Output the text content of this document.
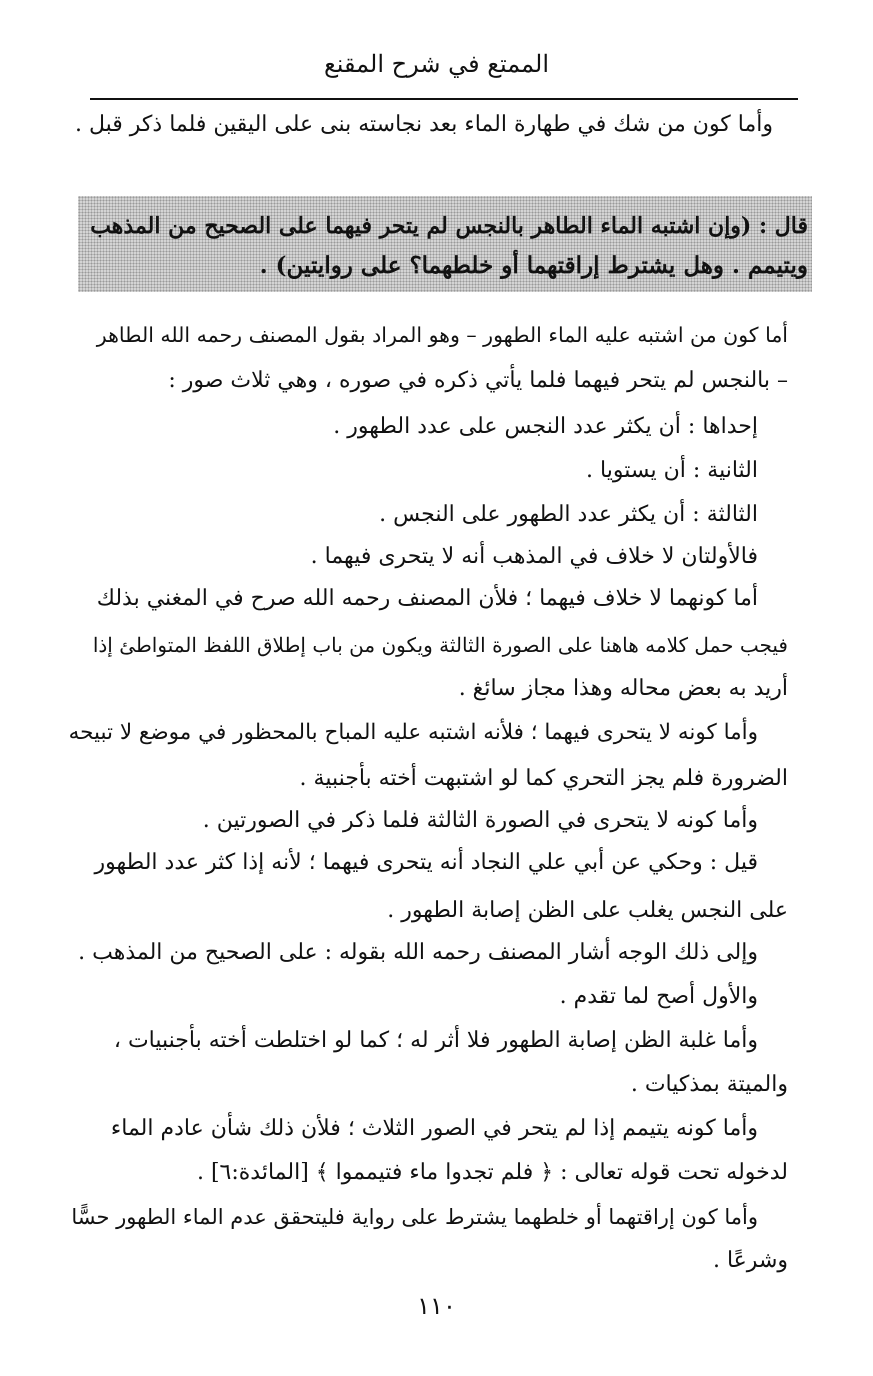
الممتع في شرح المقنع
وأما كون من شك في طهارة الماء بعد نجاسته بنى على اليقين فلما ذكر قبل .
قال : (وإن اشتبه الماء الطاهر بالنجس لم يتحر فيهما على الصحيح من المذهب
ويتيمم . وهل يشترط إراقتهما أو خلطهما؟ على روايتين) .
أما كون من اشتبه عليه الماء الطهور – وهو المراد بقول المصنف رحمه الله الطاهر
– بالنجس لم يتحر فيهما فلما يأتي ذكره في صوره ، وهي ثلاث صور :
إحداها : أن يكثر عدد النجس على عدد الطهور .
الثانية : أن يستويا .
الثالثة : أن يكثر عدد الطهور على النجس .
فالأولتان لا خلاف في المذهب أنه لا يتحرى فيهما .
أما كونهما لا خلاف فيهما ؛ فلأن المصنف رحمه الله صرح في المغني بذلك
فيجب حمل كلامه هاهنا على الصورة الثالثة ويكون من باب إطلاق اللفظ المتواطئ إذا
أريد به بعض محاله وهذا مجاز سائغ .
وأما كونه لا يتحرى فيهما ؛ فلأنه اشتبه عليه المباح بالمحظور في موضع لا تبيحه
الضرورة فلم يجز التحري كما لو اشتبهت أخته بأجنبية .
وأما كونه لا يتحرى في الصورة الثالثة فلما ذكر في الصورتين .
قيل : وحكي عن أبي علي النجاد أنه يتحرى فيهما ؛ لأنه إذا كثر عدد الطهور
على النجس يغلب على الظن إصابة الطهور .
وإلى ذلك الوجه أشار المصنف رحمه الله بقوله : على الصحيح من المذهب .
والأول أصح لما تقدم .
وأما غلبة الظن إصابة الطهور فلا أثر له ؛ كما لو اختلطت أخته بأجنبيات ،
والميتة بمذكيات .
وأما كونه يتيمم إذا لم يتحر في الصور الثلاث ؛ فلأن ذلك شأن عادم الماء
لدخوله تحت قوله تعالى : ﴿ فلم تجدوا ماء فتيمموا ﴾ [المائدة:٦] .
وأما كون إراقتهما أو خلطهما يشترط على رواية فليتحقق عدم الماء الطهور حسًّا
وشرعًا .
١١٠
